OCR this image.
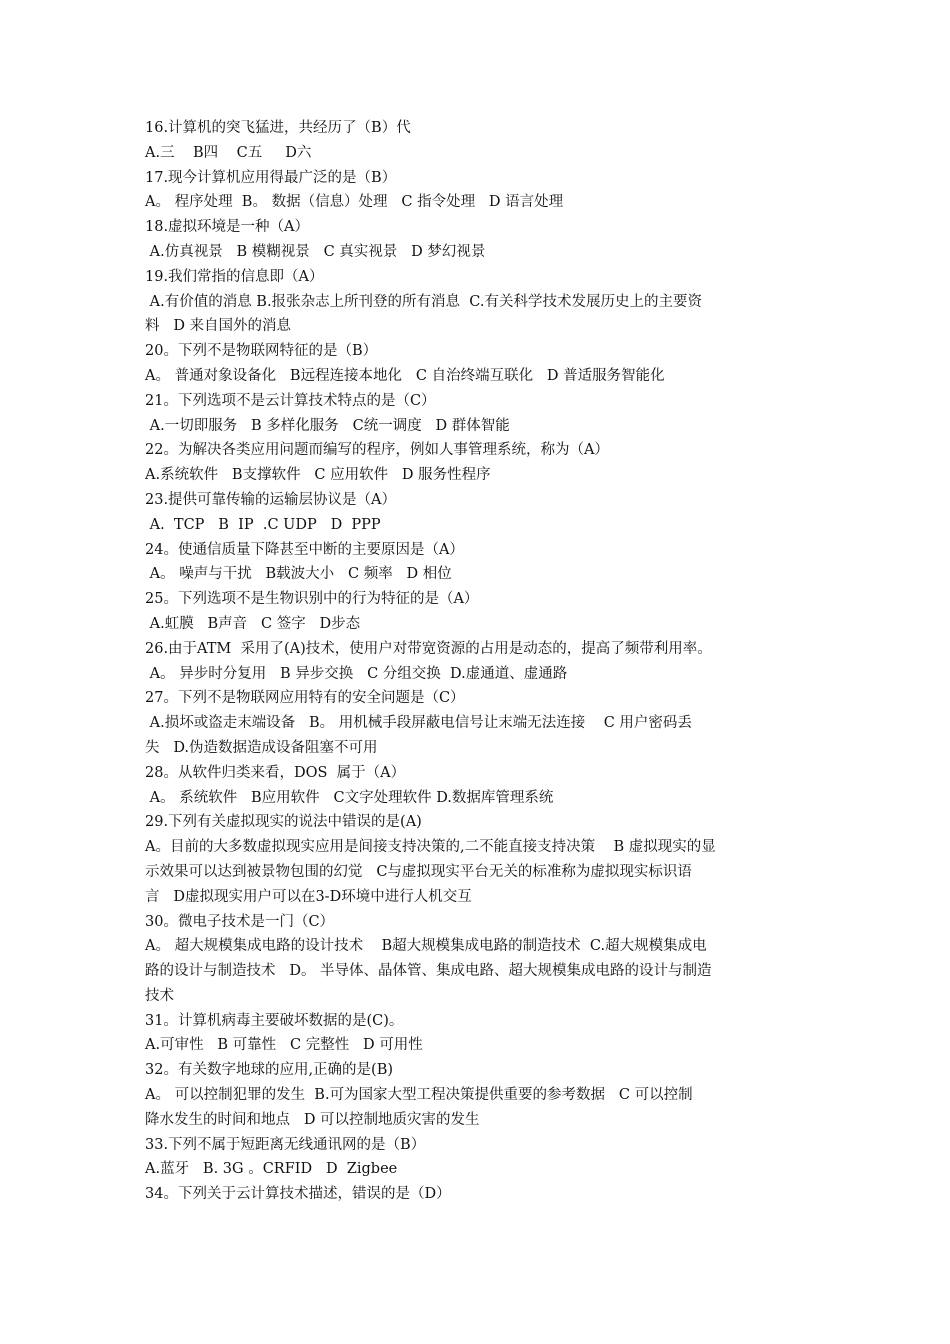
16.计算机的突飞猛进，共经历了（B）代
A.三    B四    C五     D六
17.现今计算机应用得最广泛的是（B）
A。 程序处理  B。 数据（信息）处理   C 指令处理   D 语言处理
18.虚拟环境是一种（A）
A.仿真视景   B 模糊视景   C 真实视景   D 梦幻视景
19.我们常指的信息即（A）
A.有价值的消息 B.报张杂志上所刊登的所有消息  C.有关科学技术发展历史上的主要资
料   D 来自国外的消息
20。下列不是物联网特征的是（B）
A。 普通对象设备化   B远程连接本地化   C 自治终端互联化   D 普适服务智能化
21。下列选项不是云计算技术特点的是（C）
A.一切即服务   B 多样化服务   C统一调度   D 群体智能
22。为解决各类应用问题而编写的程序，例如人事管理系统，称为（A）
A.系统软件   B支撑软件   C 应用软件   D 服务性程序
23.提供可靠传输的运输层协议是（A）
A.  TCP   B  IP  .C UDP   D  PPP
24。使通信质量下降甚至中断的主要原因是（A）
A。 噪声与干扰   B载波大小   C 频率   D 相位
25。下列选项不是生物识别中的行为特征的是（A）
A.虹膜   B声音   C 签字   D步态
26.由于ATM  采用了(A)技术，使用户对带宽资源的占用是动态的，提高了频带利用率。
A。 异步时分复用   B 异步交换   C 分组交换  D.虚通道、虚通路
27。下列不是物联网应用特有的安全问题是（C）
A.损坏或盗走末端设备   B。 用机械手段屏蔽电信号让末端无法连接    C 用户密码丢
失   D.伪造数据造成设备阻塞不可用
28。从软件归类来看，DOS  属于（A）
A。 系统软件   B应用软件   C文字处理软件 D.数据库管理系统
29.下列有关虚拟现实的说法中错误的是(A)
A。目前的大多数虚拟现实应用是间接支持决策的,二不能直接支持决策    B 虚拟现实的显
示效果可以达到被景物包围的幻觉   C与虚拟现实平台无关的标准称为虚拟现实标识语
言   D虚拟现实用户可以在3-D环境中进行人机交互
30。微电子技术是一门（C）
A。 超大规模集成电路的设计技术    B超大规模集成电路的制造技术  C.超大规模集成电
路的设计与制造技术   D。 半导体、晶体管、集成电路、超大规模集成电路的设计与制造
技术
31。计算机病毒主要破坏数据的是(C)。
A.可审性   B 可靠性   C 完整性   D 可用性
32。有关数字地球的应用,正确的是(B)
A。 可以控制犯罪的发生  B.可为国家大型工程决策提供重要的参考数据   C 可以控制
降水发生的时间和地点   D 可以控制地质灾害的发生
33.下列不属于短距离无线通讯网的是（B）
A.蓝牙   B. 3G 。CRFID   D  Zigbee
34。下列关于云计算技术描述，错误的是（D）
